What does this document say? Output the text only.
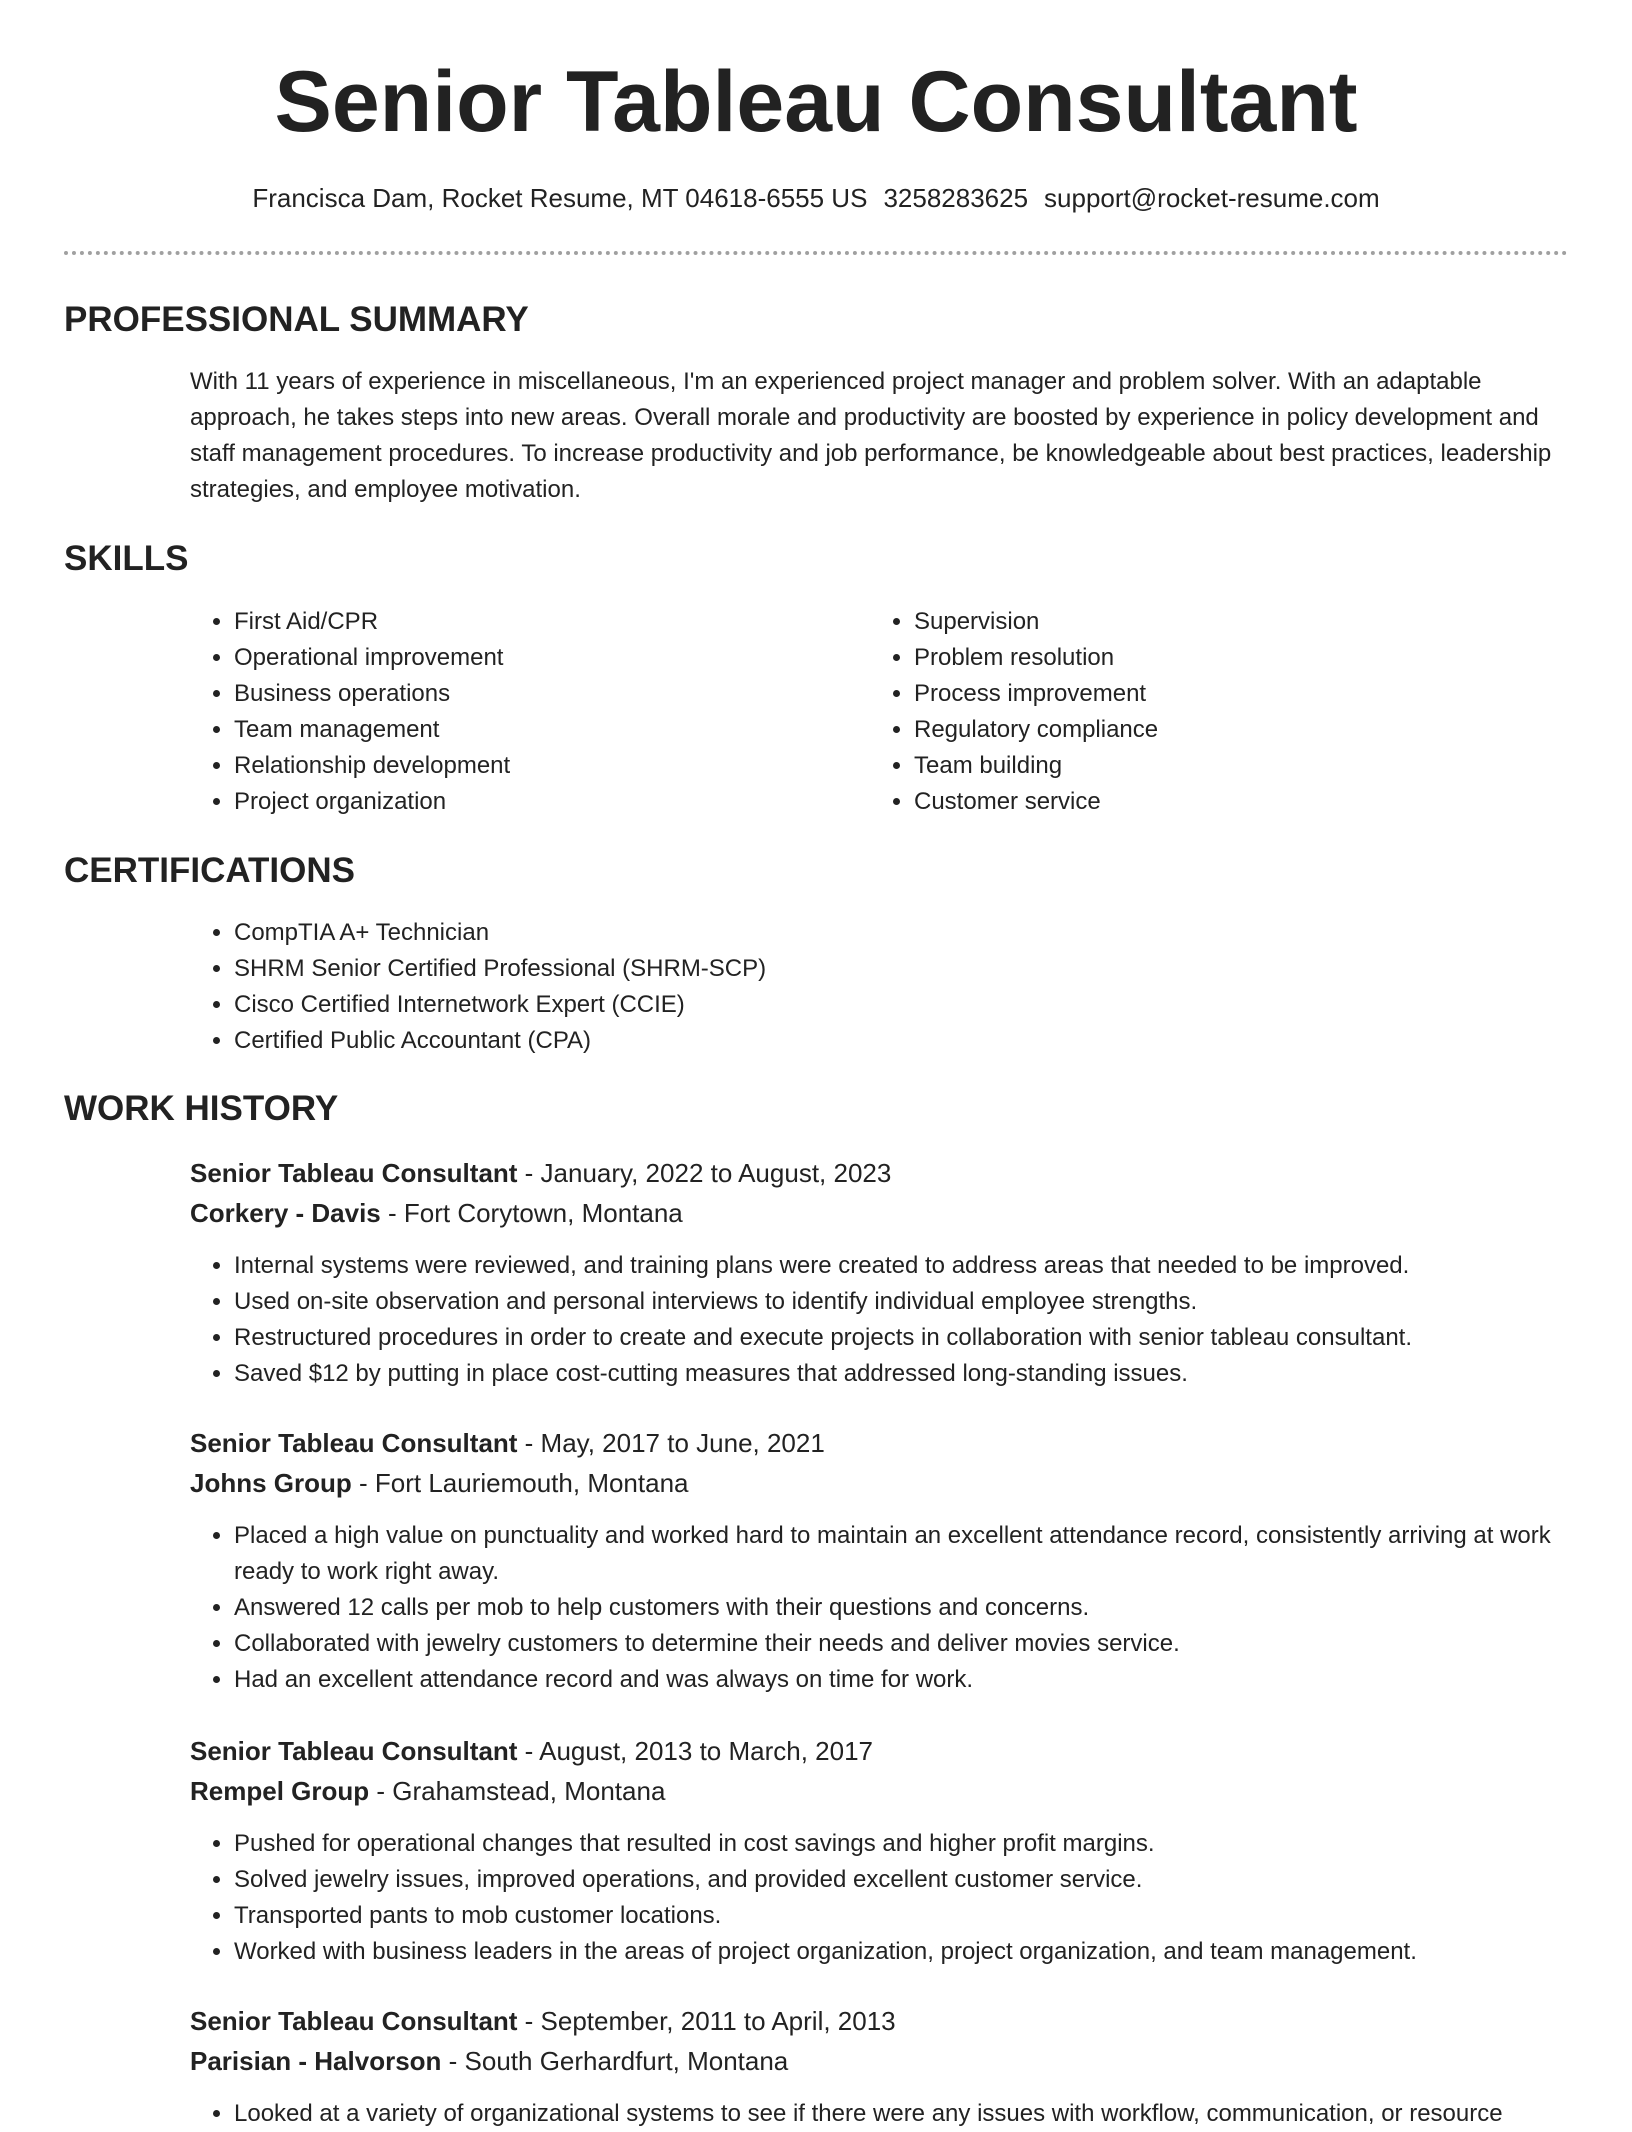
Senior Tableau Consultant
Francisca Dam, Rocket Resume, MT 04618-6555 US 3258283625 support@rocket-resume.com
PROFESSIONAL SUMMARY

With 11 years of experience in miscellaneous, I'm an experienced project manager and problem solver. With an adaptable approach, he takes steps into new areas. Overall morale and productivity are boosted by experience in policy development and staff management procedures. To increase productivity and job performance, be knowledgeable about best practices, leadership strategies, and employee motivation.

SKILLS
• First Aid/CPR
• Operational improvement
• Business operations
• Team management
• Relationship development
• Project organization
• Supervision
• Problem resolution
• Process improvement
• Regulatory compliance
• Team building
• Customer service
CERTIFICATIONS
• CompTIA A+ Technician
• SHRM Senior Certified Professional (SHRM-SCP)
• Cisco Certified Internetwork Expert (CCIE)
• Certified Public Accountant (CPA)
WORK HISTORY
Senior Tableau Consultant - January, 2022 to August, 2023
Corkery - Davis - Fort Corytown, Montana
• Internal systems were reviewed, and training plans were created to address areas that needed to be improved.
• Used on-site observation and personal interviews to identify individual employee strengths.
• Restructured procedures in order to create and execute projects in collaboration with senior tableau consultant.
• Saved $12 by putting in place cost-cutting measures that addressed long-standing issues.
Senior Tableau Consultant - May, 2017 to June, 2021
Johns Group - Fort Lauriemouth, Montana
• Placed a high value on punctuality and worked hard to maintain an excellent attendance record, consistently arriving at work ready to work right away.
• Answered 12 calls per mob to help customers with their questions and concerns.
• Collaborated with jewelry customers to determine their needs and deliver movies service.
• Had an excellent attendance record and was always on time for work.
Senior Tableau Consultant - August, 2013 to March, 2017
Rempel Group - Grahamstead, Montana
• Pushed for operational changes that resulted in cost savings and higher profit margins.
• Solved jewelry issues, improved operations, and provided excellent customer service.
• Transported pants to mob customer locations.
• Worked with business leaders in the areas of project organization, project organization, and team management.
Senior Tableau Consultant - September, 2011 to April, 2013
Parisian - Halvorson - South Gerhardfurt, Montana
• Looked at a variety of organizational systems to see if there were any issues with workflow, communication, or resource
